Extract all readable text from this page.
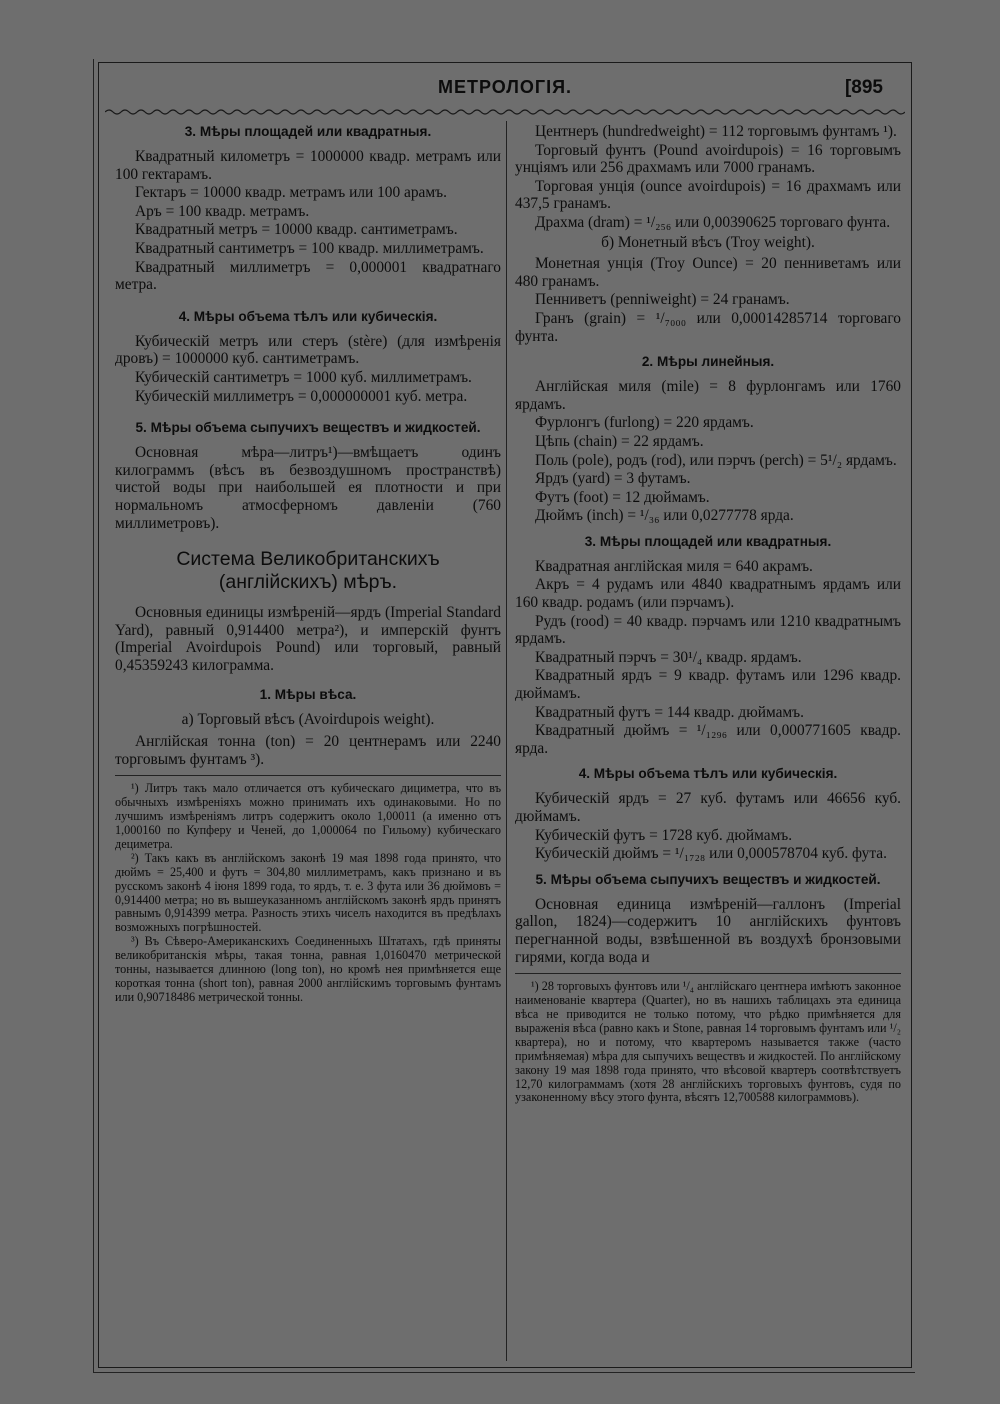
МЕТРОЛОГІЯ.	[895
3. Мѣры площадей или квадратныя.

Квадратный километръ = 1000000 квадр. метрамъ или 100 гектарамъ.

Гектаръ = 10000 квадр. метрамъ или 100 арамъ.

Аръ = 100 квадр. метрамъ.

Квадратный метръ = 10000 квадр. сантиметрамъ.

Квадратный сантиметръ = 100 квадр. миллиметрамъ.

Квадратный миллиметръ = 0,000001 квадратнаго метра.

4. Мѣры объема тѣлъ или кубическія.

Кубическій метръ или стеръ (stère) (для измѣренія дровъ) = 1000000 куб. сантиметрамъ.

Кубическій сантиметръ = 1000 куб. миллиметрамъ.

Кубическій миллиметръ = 0,000000001 куб. метра.

5. Мѣры объема сыпучихъ веществъ и жидкостей.

Основная мѣра—литръ¹)—вмѣщаетъ одинъ килограммъ (вѣсъ въ безвоздушномъ пространствѣ) чистой воды при наибольшей ея плотности и при нормальномъ атмосферномъ давленіи (760 миллиметровъ).

Система Великобританскихъ (англійскихъ) мѣръ.

Основныя единицы измѣреній—ярдъ (Imperial Standard Yard), равный 0,914400 метра²), и имперскій фунтъ (Imperial Avoirdupois Pound) или торговый, равный 0,45359243 килограмма.

1. Мѣры вѣса.

а) Торговый вѣсъ (Avoirdupois weight).

Англійская тонна (ton) = 20 центнерамъ или 2240 торговымъ фунтамъ ³).

¹) Литръ такъ мало отличается отъ кубическаго дициметра, что въ обычныхъ измѣреніяхъ можно принимать ихъ одинаковыми. Но по лучшимъ измѣреніямъ литръ содержитъ около 1,00011 (а именно отъ 1,000160 по Купферу и Ченей, до 1,000064 по Гильому) кубическаго дециметра.

²) Такъ какъ въ англійскомъ законѣ 19 мая 1898 года принято, что дюймъ = 25,400 и футъ = 304,80 миллиметрамъ, какъ признано и въ русскомъ законѣ 4 іюня 1899 года, то ярдъ, т. е. 3 фута или 36 дюймовъ = 0,914400 метра; но въ вышеуказанномъ англійскомъ законѣ ярдъ принятъ равнымъ 0,914399 метра. Разность этихъ чиселъ находится въ предѣлахъ возможныхъ погрѣшностей.

³) Въ Сѣверо-Американскихъ Соединенныхъ Штатахъ, гдѣ приняты великобританскія мѣры, такая тонна, равная 1,0160470 метрической тонны, называется длинною (long ton), но кромѣ нея примѣняется еще короткая тонна (short ton), равная 2000 англійскимъ торговымъ фунтамъ или 0,90718486 метрической тонны.

Центнеръ (hundredweight) = 112 торговымъ фунтамъ ¹).

Торговый фунтъ (Pound avoirdupois) = 16 торговымъ унціямъ или 256 драхмамъ или 7000 гранамъ.

Торговая унція (ounce avoirdupois) = 16 драхмамъ или 437,5 гранамъ.

Драхма (dram) = ¹/₂₅₆ или 0,00390625 торговаго фунта.

б) Монетный вѣсъ (Troy weight).

Монетная унція (Troy Ounce) = 20 пенниветамъ или 480 гранамъ.

Пенниветъ (penniweight) = 24 гранамъ.

Гранъ (grain) = ¹/₇₀₀₀ или 0,00014285714 торговаго фунта.

2. Мѣры линейныя.

Англійская миля (mile) = 8 фурлонгамъ или 1760 ярдамъ.

Фурлонгъ (furlong) = 220 ярдамъ.

Цѣпь (chain) = 22 ярдамъ.

Поль (pole), родъ (rod), или пэрчъ (perch) = 5¹/₂ ярдамъ.

Ярдъ (yard) = 3 футамъ.

Футъ (foot) = 12 дюймамъ.

Дюймъ (inch) = ¹/₃₆ или 0,0277778 ярда.

3. Мѣры площадей или квадратныя.

Квадратная англійская миля = 640 акрамъ.

Акръ = 4 рудамъ или 4840 квадратнымъ ярдамъ или 160 квадр. родамъ (или пэрчамъ).

Рудъ (rood) = 40 квадр. пэрчамъ или 1210 квадратнымъ ярдамъ.

Квадратный пэрчъ = 30¹/₄ квадр. ярдамъ.

Квадратный ярдъ = 9 квадр. футамъ или 1296 квадр. дюймамъ.

Квадратный футъ = 144 квадр. дюймамъ.

Квадратный дюймъ = ¹/₁₂₉₆ или 0,000771605 квадр. ярда.

4. Мѣры объема тѣлъ или кубическія.

Кубическій ярдъ = 27 куб. футамъ или 46656 куб. дюймамъ.

Кубическій футъ = 1728 куб. дюймамъ.

Кубическій дюймъ = ¹/₁₇₂₈ или 0,000578704 куб. фута.

5. Мѣры объема сыпучихъ веществъ и жидкостей.

Основная единица измѣреній—галлонъ (Imperial gallon, 1824)—содержитъ 10 англійскихъ фунтовъ перегнанной воды, взвѣшенной въ воздухѣ бронзовыми гирями, когда вода и

¹) 28 торговыхъ фунтовъ или ¹/₄ англійскаго центнера имѣютъ законное наименованіе квартера (Quarter), но въ нашихъ таблицахъ эта единица вѣса не приводится не только потому, что рѣдко примѣняется для выраженія вѣса (равно какъ и Stone, равная 14 торговымъ фунтамъ или ¹/₂ квартера), но и потому, что квартеромъ называется также (часто примѣняемая) мѣра для сыпучихъ веществъ и жидкостей. По англійскому закону 19 мая 1898 года принято, что вѣсовой квартеръ соотвѣтствуетъ 12,70 килограммамъ (хотя 28 англійскихъ торговыхъ фунтовъ, судя по узаконенному вѣсу этого фунта, вѣсятъ 12,700588 килограммовъ).
